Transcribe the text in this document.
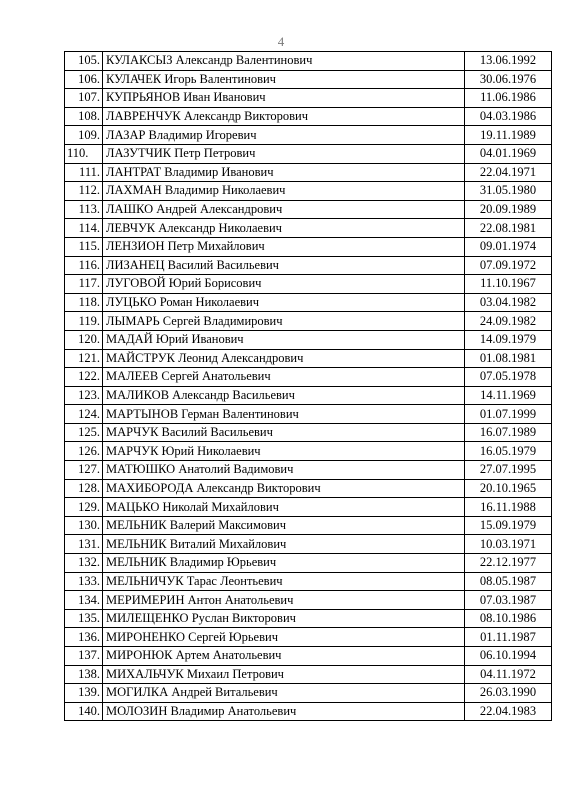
4
105.	КУЛАКСЫЗ Александр Валентинович	13.06.1992
106.	КУЛАЧЕК Игорь Валентинович	30.06.1976
107.	КУПРЬЯНОВ Иван Иванович	11.06.1986
108.	ЛАВРЕНЧУК Александр Викторович	04.03.1986
109.	ЛАЗАР Владимир Игоревич	19.11.1989
110.	ЛАЗУТЧИК Петр Петрович	04.01.1969
111.	ЛАНТРАТ Владимир Иванович	22.04.1971
112.	ЛАХМАН Владимир Николаевич	31.05.1980
113.	ЛАШКО Андрей Александрович	20.09.1989
114.	ЛЕВЧУК Александр Николаевич	22.08.1981
115.	ЛЕНЗИОН Петр Михайлович	09.01.1974
116.	ЛИЗАНЕЦ Василий Васильевич	07.09.1972
117.	ЛУГОВОЙ Юрий Борисович	11.10.1967
118.	ЛУЦЬКО Роман Николаевич	03.04.1982
119.	ЛЫМАРЬ Сергей Владимирович	24.09.1982
120.	МАДАЙ Юрий Иванович	14.09.1979
121.	МАЙСТРУК Леонид Александрович	01.08.1981
122.	МАЛЕЕВ Сергей Анатольевич	07.05.1978
123.	МАЛИКОВ Александр Васильевич	14.11.1969
124.	МАРТЫНОВ Герман Валентинович	01.07.1999
125.	МАРЧУК Василий Васильевич	16.07.1989
126.	МАРЧУК Юрий Николаевич	16.05.1979
127.	МАТЮШКО Анатолий Вадимович	27.07.1995
128.	МАХИБОРОДА Александр Викторович	20.10.1965
129.	МАЦЬКО Николай Михайлович	16.11.1988
130.	МЕЛЬНИК Валерий Максимович	15.09.1979
131.	МЕЛЬНИК Виталий Михайлович	10.03.1971
132.	МЕЛЬНИК Владимир Юрьевич	22.12.1977
133.	МЕЛЬНИЧУК Тарас Леонтьевич	08.05.1987
134.	МЕРИМЕРИН Антон Анатольевич	07.03.1987
135.	МИЛЕЩЕНКО Руслан Викторович	08.10.1986
136.	МИРОНЕНКО Сергей Юрьевич	01.11.1987
137.	МИРОНЮК Артем Анатольевич	06.10.1994
138.	МИХАЛЬЧУК Михаил Петрович	04.11.1972
139.	МОГИЛКА Андрей Витальевич	26.03.1990
140.	МОЛОЗИН Владимир Анатольевич	22.04.1983
